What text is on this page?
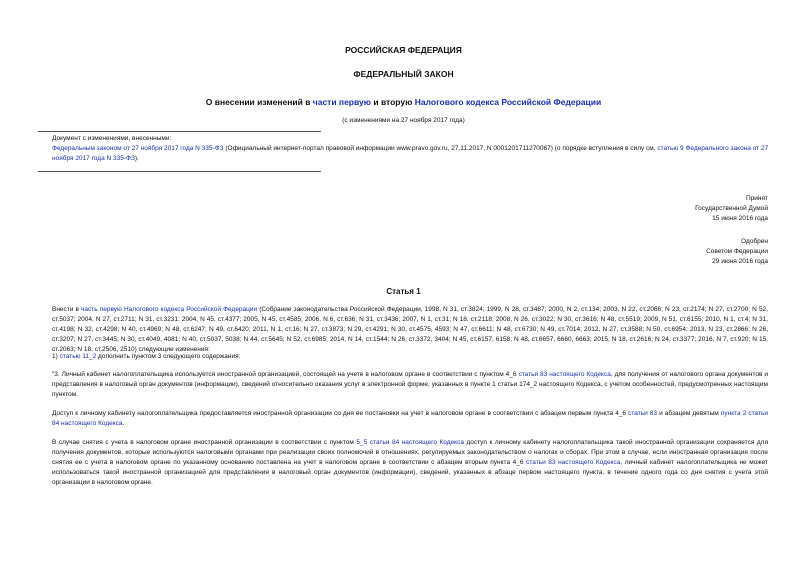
РОССИЙСКАЯ ФЕДЕРАЦИЯ
ФЕДЕРАЛЬНЫЙ ЗАКОН
О внесении изменений в части первую и вторую Налогового кодекса Российской Федерации
(с изменениями на 27 ноября 2017 года)
Документ с изменениями, внесенными:
Федеральным законом от 27 ноября 2017 года N 335-ФЗ (Официальный интернет-портал правовой информации www.pravo.gov.ru, 27.11.2017, N 0001201711270067) (о порядке вступления в силу см. статью 9 Федерального закона от 27 ноября 2017 года N 335-ФЗ).
Принят
Государственной Думой
15 июня 2016 года
Одобрен
Советом Федерации
29 июня 2016 года
Статья 1
Внести в часть первую Налогового кодекса Российской Федерации (Собрание законодательства Российской Федерации, 1998, N 31, ст.3824; 1999, N 28, ст.3487; 2000, N 2, ст.134; 2003, N 22, ст.2066; N 23, ст.2174; N 27, ст.2700; N 52, ст.5037; 2004, N 27, ст.2711; N 31, ст.3231; 2004, N 45, ст.4377; 2005, N 45, ст.4585; 2006, N 6, ст.636; N 31, ст.3436; 2007, N 1, ст.31; N 18, ст.2118; 2008, N 26, ст.3022; N 30, ст.3616; N 48, ст.5519; 2009, N 51, ст.6155; 2010, N 1, ст.4; N 31, ст.4198; N 32, ст.4298; N 40, ст.4969; N 48, ст.6247; N 49, ст.6420; 2011, N 1, ст.16; N 27, ст.3873; N 29, ст.4291; N 30, ст.4575, 4593; N 47, ст.6611; N 48, ст.6730; N 49, ст.7014; 2012, N 27, ст.3588; N 50, ст.6954; 2013, N 23, ст.2866; N 26, ст.3207; N 27, ст.3445; N 30, ст.4049, 4081; N 40, ст.5037, 5038; N 44, ст.5645; N 52, ст.6985; 2014, N 14, ст.1544; N 26, ст.3372, 3404; N 45, ст.6157, 6158; N 48, ст.6657, 6660, 6663; 2015, N 18, ст.2616; N 24, ст.3377; 2016, N 7, ст.920; N 15, ст.2063; N 18, ст.2506, 2510) следующие изменения:
1) статью 11_2 дополнить пунктом 3 следующего содержания:
"3. Личный кабинет налогоплательщика используется иностранной организацией, состоящей на учете в налоговом органе в соответствии с пунктом 4_6 статьи 83 настоящего Кодекса, для получения от налогового органа документов и представления в налоговый орган документов (информации), сведений относительно оказания услуг в электронной форме, указанных в пункте 1 статьи 174_2 настоящего Кодекса, с учетом особенностей, предусмотренных настоящим пунктом.
Доступ к личному кабинету налогоплательщика предоставляется иностранной организации со дня ее постановки на учет в налоговом органе в соответствии с абзацем первым пункта 4_6 статьи 83 и абзацем девятым пункта 2 статьи 84 настоящего Кодекса.
В случае снятия с учета в налоговом органе иностранной организации в соответствии с пунктом 5_5 статьи 84 настоящего Кодекса доступ к личному кабинету налогоплательщика такой иностранной организации сохраняется для получения документов, которые используются налоговыми органами при реализации своих полномочий в отношениях, регулируемых законодательством о налогах и сборах. При этом в случае, если иностранная организация после снятия ее с учета в налоговом органе по указанному основанию поставлена на учет в налоговом органе в соответствии с абзацем вторым пункта 4_6 статьи 83 настоящего Кодекса, личный кабинет налогоплательщика не может использоваться такой иностранной организацией для представления в налоговый орган документов (информации), сведений, указанных в абзаце первом настоящего пункта, в течение одного года со дня снятия с учета этой организации в налоговом органе.
